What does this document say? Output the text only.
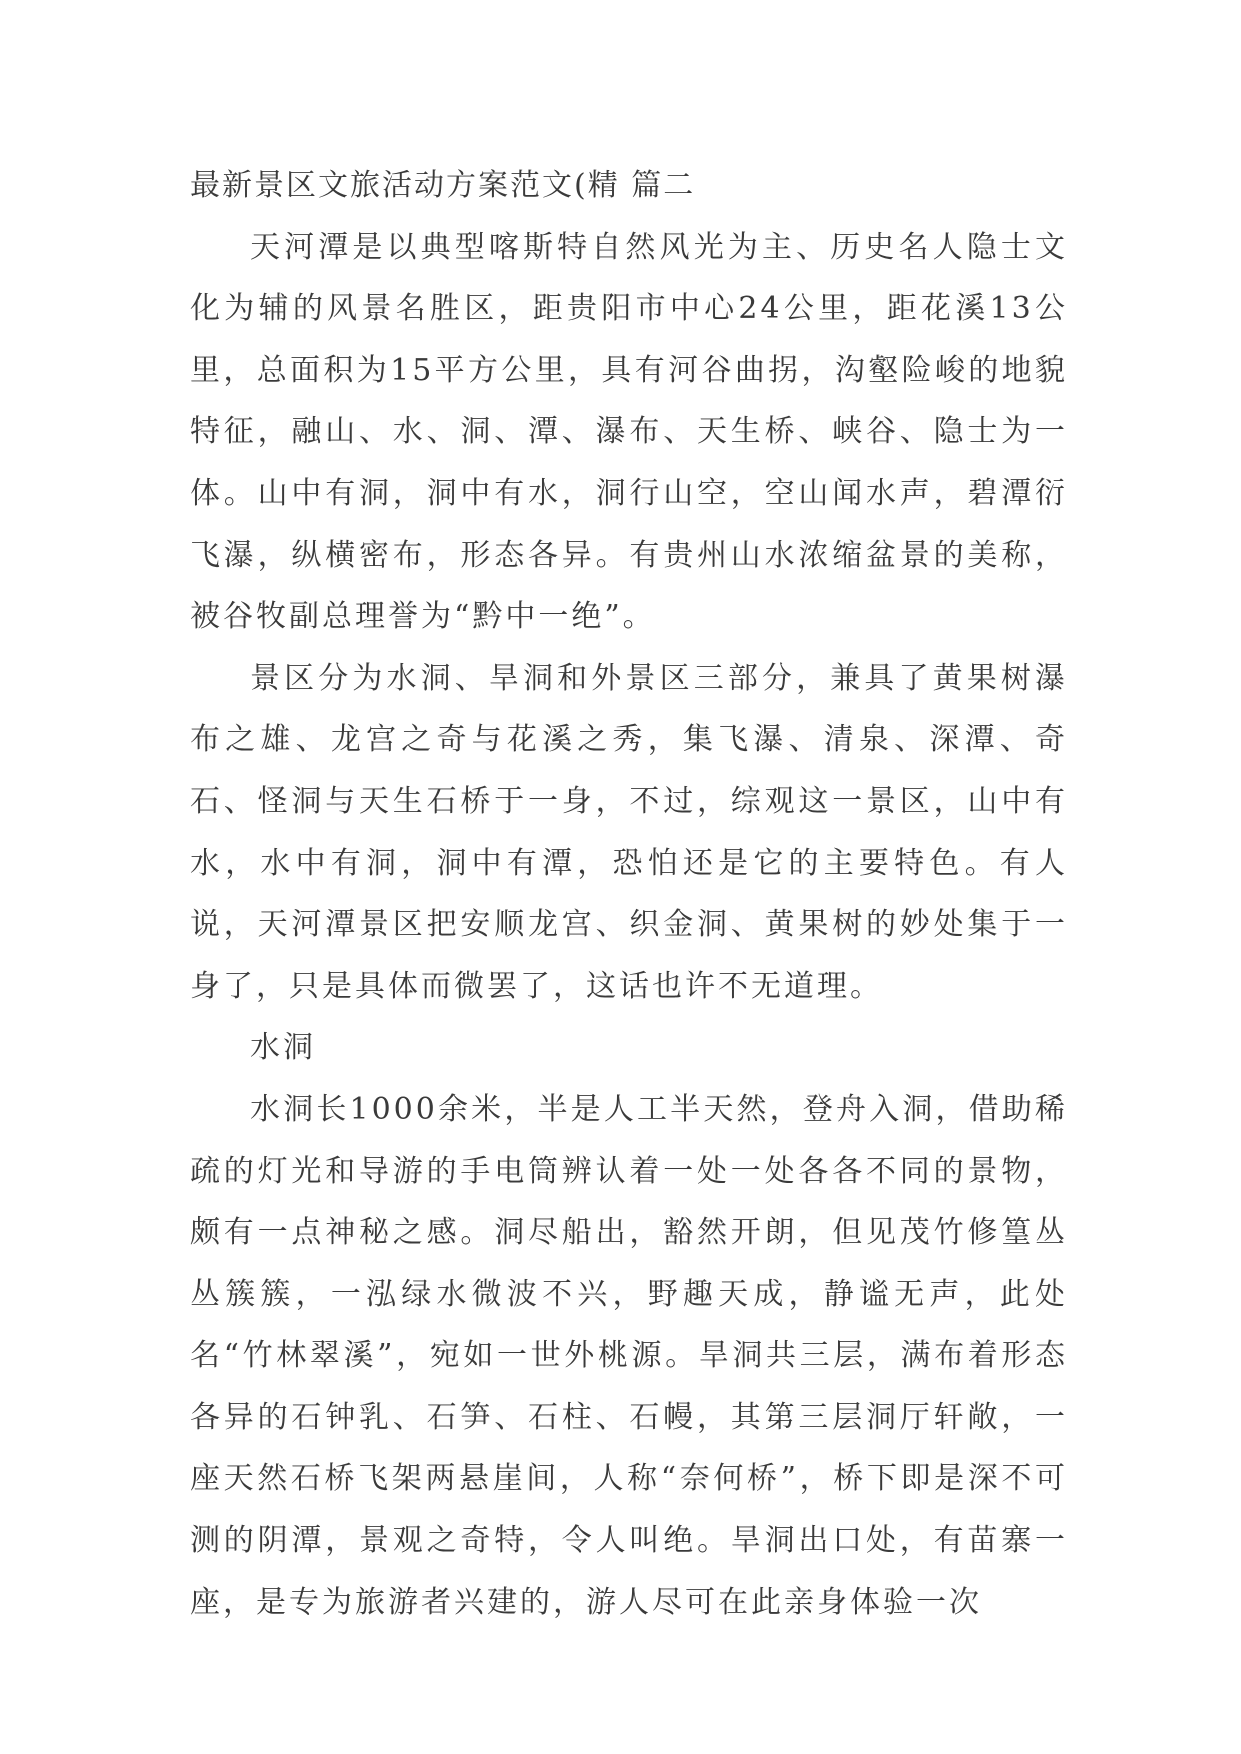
最新景区文旅活动方案范文(精 篇二

天河潭是以典型喀斯特自然风光为主、历史名人隐士文化为辅的风景名胜区，距贵阳市中心24公里，距花溪13公里，总面积为15平方公里，具有河谷曲拐，沟壑险峻的地貌特征，融山、水、洞、潭、瀑布、天生桥、峡谷、隐士为一体。山中有洞，洞中有水，洞行山空，空山闻水声，碧潭衍飞瀑，纵横密布，形态各异。有贵州山水浓缩盆景的美称，被谷牧副总理誉为“黔中一绝”。

景区分为水洞、旱洞和外景区三部分，兼具了黄果树瀑布之雄、龙宫之奇与花溪之秀，集飞瀑、清泉、深潭、奇石、怪洞与天生石桥于一身，不过，综观这一景区，山中有水，水中有洞，洞中有潭，恐怕还是它的主要特色。有人说，天河潭景区把安顺龙宫、织金洞、黄果树的妙处集于一身了，只是具体而微罢了，这话也许不无道理。

水洞

水洞长1000余米，半是人工半天然，登舟入洞，借助稀疏的灯光和导游的手电筒辨认着一处一处各各不同的景物，颇有一点神秘之感。洞尽船出，豁然开朗，但见茂竹修篁丛丛簇簇，一泓绿水微波不兴，野趣天成，静谧无声，此处名“竹林翠溪”，宛如一世外桃源。旱洞共三层，满布着形态各异的石钟乳、石笋、石柱、石幔，其第三层洞厅轩敞，一座天然石桥飞架两悬崖间，人称“奈何桥”，桥下即是深不可测的阴潭，景观之奇特，令人叫绝。旱洞出口处，有苗寨一座，是专为旅游者兴建的，游人尽可在此亲身体验一次
